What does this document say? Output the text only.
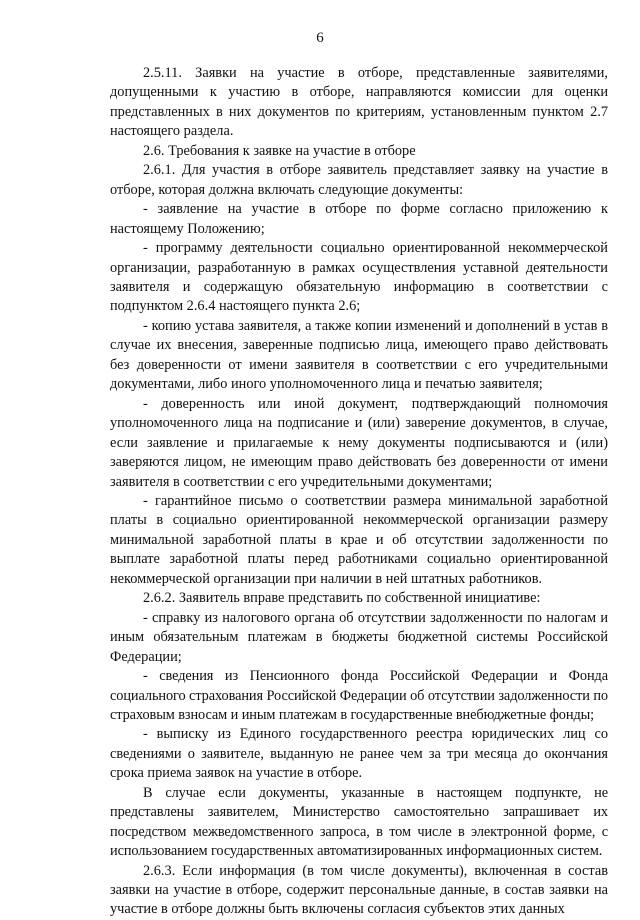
6

2.5.11. Заявки на участие в отборе, представленные заявителями, допущенными к участию в отборе, направляются комиссии для оценки представленных в них документов по критериям, установленным пунктом 2.7 настоящего раздела.

2.6. Требования к заявке на участие в отборе

2.6.1. Для участия в отборе заявитель представляет заявку на участие в отборе, которая должна включать следующие документы:

- заявление на участие в отборе по форме согласно приложению к настоящему Положению;

- программу деятельности социально ориентированной некоммерческой организации, разработанную в рамках осуществления уставной деятельности заявителя и содержащую обязательную информацию в соответствии с подпунктом 2.6.4 настоящего пункта 2.6;

- копию устава заявителя, а также копии изменений и дополнений в устав в случае их внесения, заверенные подписью лица, имеющего право действовать без доверенности от имени заявителя в соответствии с его учредительными документами, либо иного уполномоченного лица и печатью заявителя;

- доверенность или иной документ, подтверждающий полномочия уполномоченного лица на подписание и (или) заверение документов, в случае, если заявление и прилагаемые к нему документы подписываются и (или) заверяются лицом, не имеющим право действовать без доверенности от имени заявителя в соответствии с его учредительными документами;

- гарантийное письмо о соответствии размера минимальной заработной платы в социально ориентированной некоммерческой организации размеру минимальной заработной платы в крае и об отсутствии задолженности по выплате заработной платы перед работниками социально ориентированной некоммерческой организации при наличии в ней штатных работников.

2.6.2. Заявитель вправе представить по собственной инициативе:

- справку из налогового органа об отсутствии задолженности по налогам и иным обязательным платежам в бюджеты бюджетной системы Российской Федерации;

- сведения из Пенсионного фонда Российской Федерации и Фонда социального страхования Российской Федерации об отсутствии задолженности по страховым взносам и иным платежам в государственные внебюджетные фонды;

- выписку из Единого государственного реестра юридических лиц со сведениями о заявителе, выданную не ранее чем за три месяца до окончания срока приема заявок на участие в отборе.

В случае если документы, указанные в настоящем подпункте, не представлены заявителем, Министерство самостоятельно запрашивает их посредством межведомственного запроса, в том числе в электронной форме, с использованием государственных автоматизированных информационных систем.

2.6.3. Если информация (в том числе документы), включенная в состав заявки на участие в отборе, содержит персональные данные, в состав заявки на участие в отборе должны быть включены согласия субъектов этих данных
